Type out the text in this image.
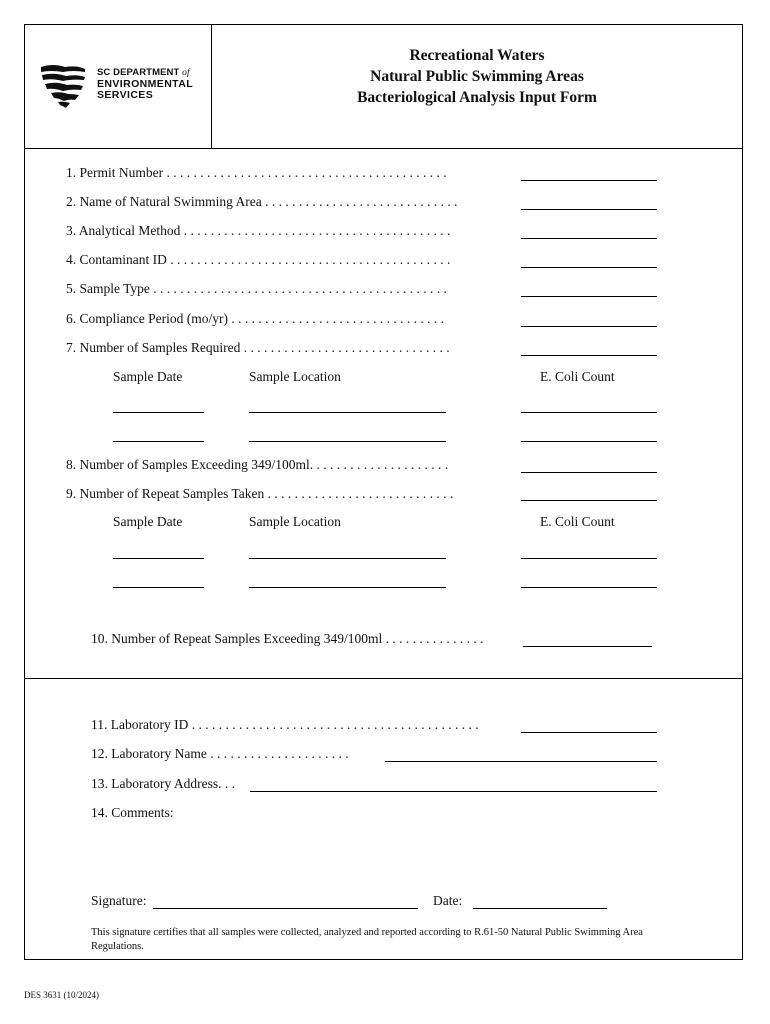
SC DEPARTMENT of
ENVIRONMENTAL
SERVICES
Recreational Waters
Natural Public Swimming Areas
Bacteriological Analysis Input Form
1. Permit Number . . . . . . . . . . . . . . . . . . . . . . . . . . . . . . . . . . . . . . . . . .
2. Name of Natural Swimming Area . . . . . . . . . . . . . . . . . . . . . . . . . . . . .
3. Analytical Method . . . . . . . . . . . . . . . . . . . . . . . . . . . . . . . . . . . . . . . .
4. Contaminant ID . . . . . . . . . . . . . . . . . . . . . . . . . . . . . . . . . . . . . . . . . .
5. Sample Type . . . . . . . . . . . . . . . . . . . . . . . . . . . . . . . . . . . . . . . . . . . .
6. Compliance Period (mo/yr) . . . . . . . . . . . . . . . . . . . . . . . . . . . . . . . .
7. Number of Samples Required . . . . . . . . . . . . . . . . . . . . . . . . . . . . . . .
Sample Date	Sample Location	E. Coli Count
8. Number of Samples Exceeding 349/100ml. . . . . . . . . . . . . . . . . . . . .
9. Number of Repeat Samples Taken . . . . . . . . . . . . . . . . . . . . . . . . . . . .
Sample Date	Sample Location	E. Coli Count
10. Number of Repeat Samples Exceeding 349/100ml . . . . . . . . . . . . . . .
11. Laboratory ID . . . . . . . . . . . . . . . . . . . . . . . . . . . . . . . . . . . . . . . . . . .
12. Laboratory Name . . . . . . . . . . . . . . . . . . . . .
13. Laboratory Address. . .
14. Comments:
Signature:	Date:
This signature certifies that all samples were collected, analyzed and reported according to R.61-50 Natural Public Swimming Area Regulations.
DES 3631 (10/2024)
